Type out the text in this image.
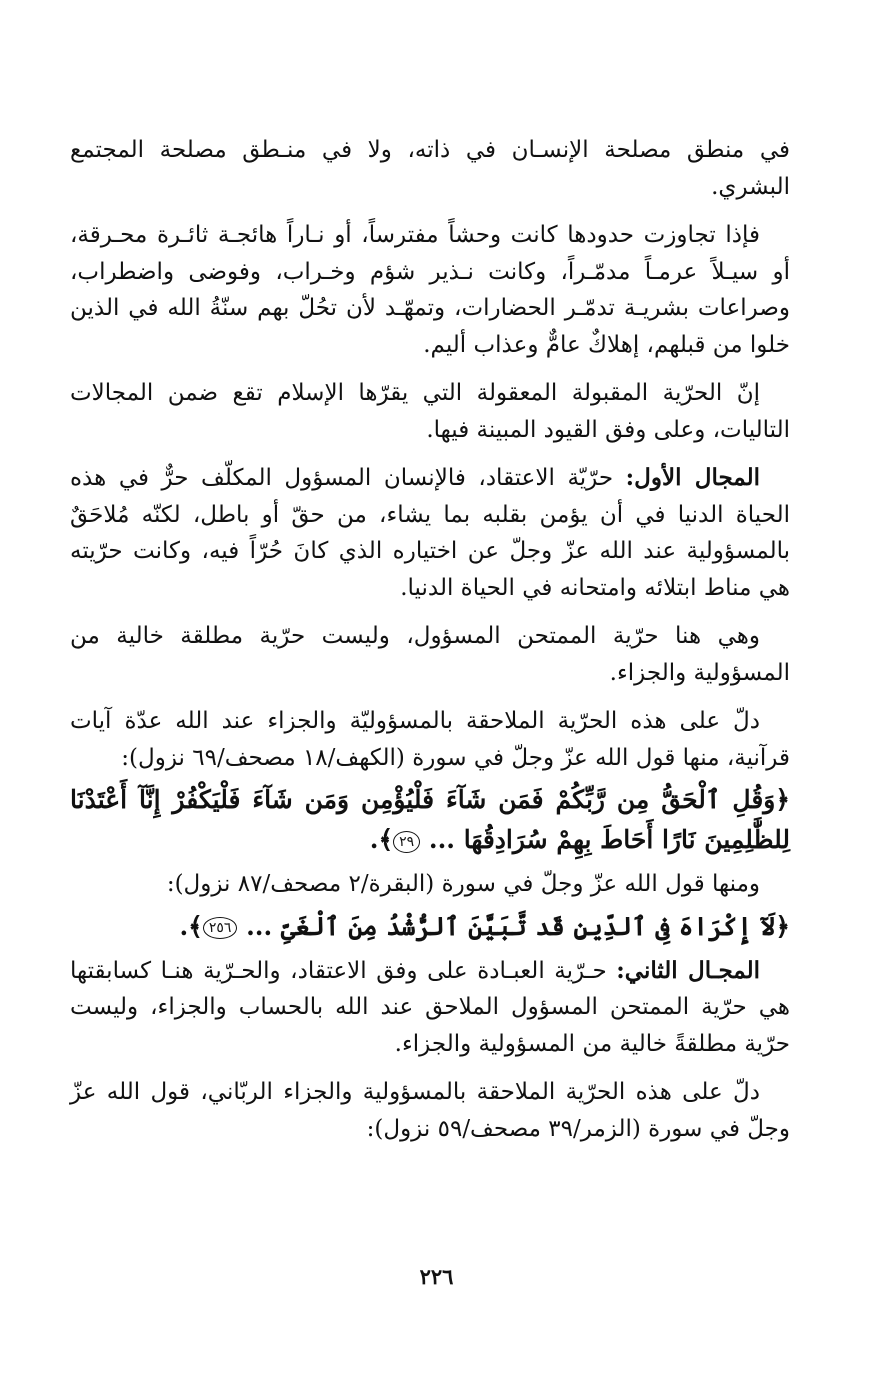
في منطق مصلحة الإنسـان في ذاته، ولا في منـطق مصلحة المجتمع البشري.

فإذا تجاوزت حدودها كانت وحشاً مفترساً، أو نـاراً هائجـة ثائـرة محـرقة، أو سيـلاً عرمـاً مدمّـراً، وكانت نـذير شؤم وخـراب، وفوضى واضطراب، وصراعات بشريـة تدمّـر الحضارات، وتمهّـد لأن تحُلّ بهم سنّةُ الله في الذين خلوا من قبلهم، إهلاكٌ عامٌّ وعذاب أليم.

إنّ الحرّية المقبولة المعقولة التي يقرّها الإسلام تقع ضمن المجالات التاليات، وعلى وفق القيود المبينة فيها.

المجال الأول: حرّيّة الاعتقاد، فالإنسان المسؤول المكلّف حرٌّ في هذه الحياة الدنيا في أن يؤمن بقلبه بما يشاء، من حقّ أو باطل، لكنّه مُلاحَقٌ بالمسؤولية عند الله عزّ وجلّ عن اختياره الذي كانَ حُرّاً فيه، وكانت حرّيته هي مناط ابتلائه وامتحانه في الحياة الدنيا.

وهي هنا حرّية الممتحن المسؤول، وليست حرّية مطلقة خالية من المسؤولية والجزاء.

دلّ على هذه الحرّية الملاحقة بالمسؤوليّة والجزاء عند الله عدّة آيات قرآنية، منها قول الله عزّ وجلّ في سورة (الكهف/١٨ مصحف/٦٩ نزول):

﴿وَقُلِ ٱلْحَقُّ مِن رَّبِّكُمْ فَمَن شَآءَ فَلْيُؤْمِن وَمَن شَآءَ فَلْيَكْفُرْ إِنَّآ أَعْتَدْنَا لِلظَّٰلِمِينَ نَارًا أَحَاطَ بِهِمْ سُرَادِقُهَا ... ٢٩﴾.

ومنها قول الله عزّ وجلّ في سورة (البقرة/٢ مصحف/٨٧ نزول):

﴿لَآ إِكْرَاهَ فِى ٱلدِّينِ قَد تَّبَيَّنَ ٱلرُّشْدُ مِنَ ٱلْغَىِّ ... ٢٥٦﴾.

المجـال الثاني: حـرّية العبـادة على وفق الاعتقاد، والحـرّية هنـا كسابقتها هي حرّية الممتحن المسؤول الملاحق عند الله بالحساب والجزاء، وليست حرّية مطلقةً خالية من المسؤولية والجزاء.

دلّ على هذه الحرّية الملاحقة بالمسؤولية والجزاء الربّاني، قول الله عزّ وجلّ في سورة (الزمر/٣٩ مصحف/٥٩ نزول):

٢٢٦
